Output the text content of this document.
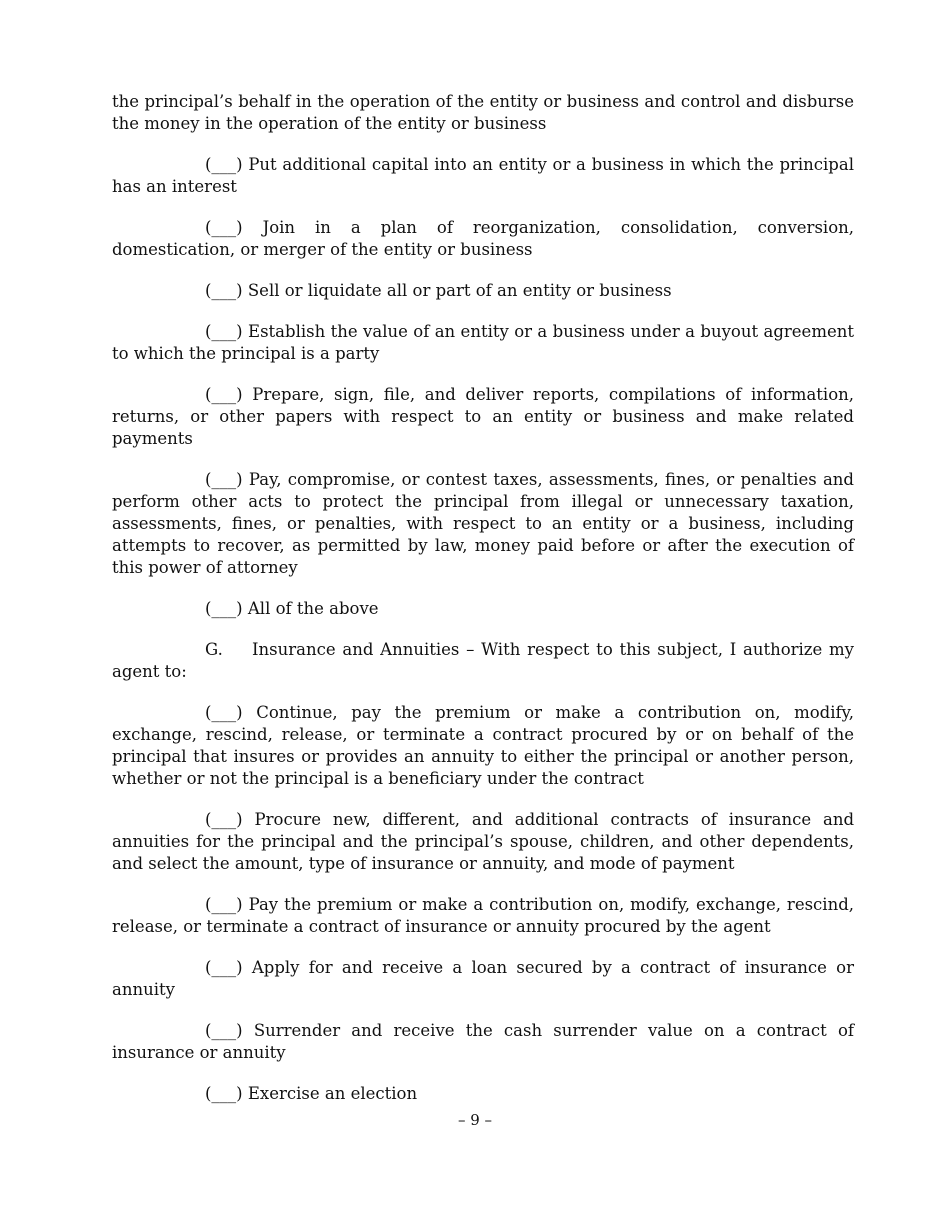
the principal’s behalf in the operation of the entity or business and control and disburse the money in the operation of the entity or business

(___) Put additional capital into an entity or a business in which the principal has an interest

(___) Join in a plan of reorganization, consolidation, conversion, domestication, or merger of the entity or business

(___) Sell or liquidate all or part of an entity or business

(___) Establish the value of an entity or a business under a buyout agreement to which the principal is a party

(___) Prepare, sign, file, and deliver reports, compilations of information, returns, or other papers with respect to an entity or business and make related payments

(___) Pay, compromise, or contest taxes, assessments, fines, or penalties and perform other acts to protect the principal from illegal or unnecessary taxation, assessments, fines, or penalties, with respect to an entity or a business, including attempts to recover, as permitted by law, money paid before or after the execution of this power of attorney

(___) All of the above

G. Insurance and Annuities – With respect to this subject, I authorize my agent to:

(___) Continue, pay the premium or make a contribution on, modify, exchange, rescind, release, or terminate a contract procured by or on behalf of the principal that insures or provides an annuity to either the principal or another person, whether or not the principal is a beneficiary under the contract

(___) Procure new, different, and additional contracts of insurance and annuities for the principal and the principal’s spouse, children, and other dependents, and select the amount, type of insurance or annuity, and mode of payment

(___) Pay the premium or make a contribution on, modify, exchange, rescind, release, or terminate a contract of insurance or annuity procured by the agent

(___) Apply for and receive a loan secured by a contract of insurance or annuity

(___) Surrender and receive the cash surrender value on a contract of insurance or annuity

(___) Exercise an election

– 9 –
